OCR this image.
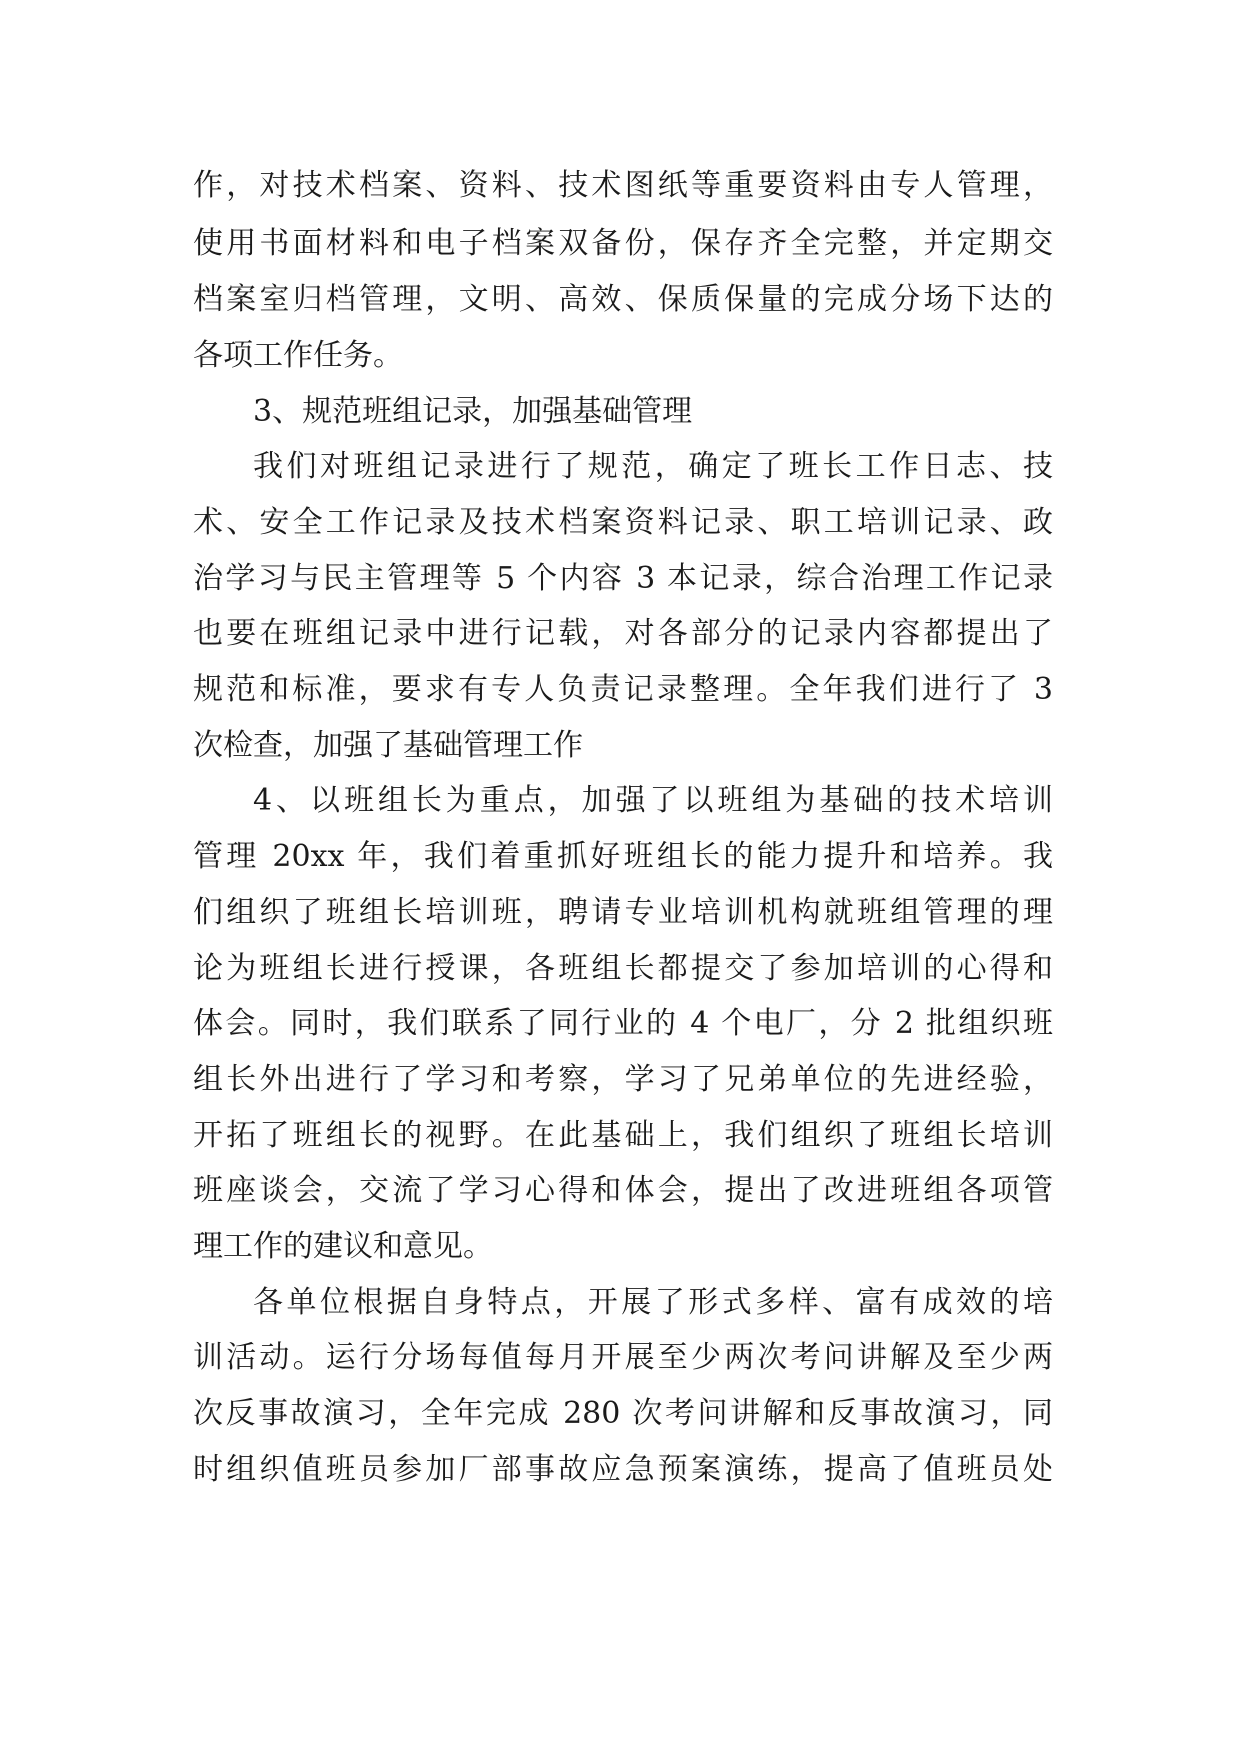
作，对技术档案、资料、技术图纸等重要资料由专人管理，
使用书面材料和电子档案双备份，保存齐全完整，并定期交
档案室归档管理，文明、高效、保质保量的完成分场下达的
各项工作任务。
3、规范班组记录，加强基础管理
我们对班组记录进行了规范，确定了班长工作日志、技
术、安全工作记录及技术档案资料记录、职工培训记录、政
治学习与民主管理等 5 个内容 3 本记录，综合治理工作记录
也要在班组记录中进行记载，对各部分的记录内容都提出了
规范和标准，要求有专人负责记录整理。全年我们进行了 3
次检查，加强了基础管理工作
4、以班组长为重点，加强了以班组为基础的技术培训
管理 20xx 年，我们着重抓好班组长的能力提升和培养。我
们组织了班组长培训班，聘请专业培训机构就班组管理的理
论为班组长进行授课，各班组长都提交了参加培训的心得和
体会。同时，我们联系了同行业的 4 个电厂，分 2 批组织班
组长外出进行了学习和考察，学习了兄弟单位的先进经验，
开拓了班组长的视野。在此基础上，我们组织了班组长培训
班座谈会，交流了学习心得和体会，提出了改进班组各项管
理工作的建议和意见。
各单位根据自身特点，开展了形式多样、富有成效的培
训活动。运行分场每值每月开展至少两次考问讲解及至少两
次反事故演习，全年完成 280 次考问讲解和反事故演习，同
时组织值班员参加厂部事故应急预案演练，提高了值班员处
